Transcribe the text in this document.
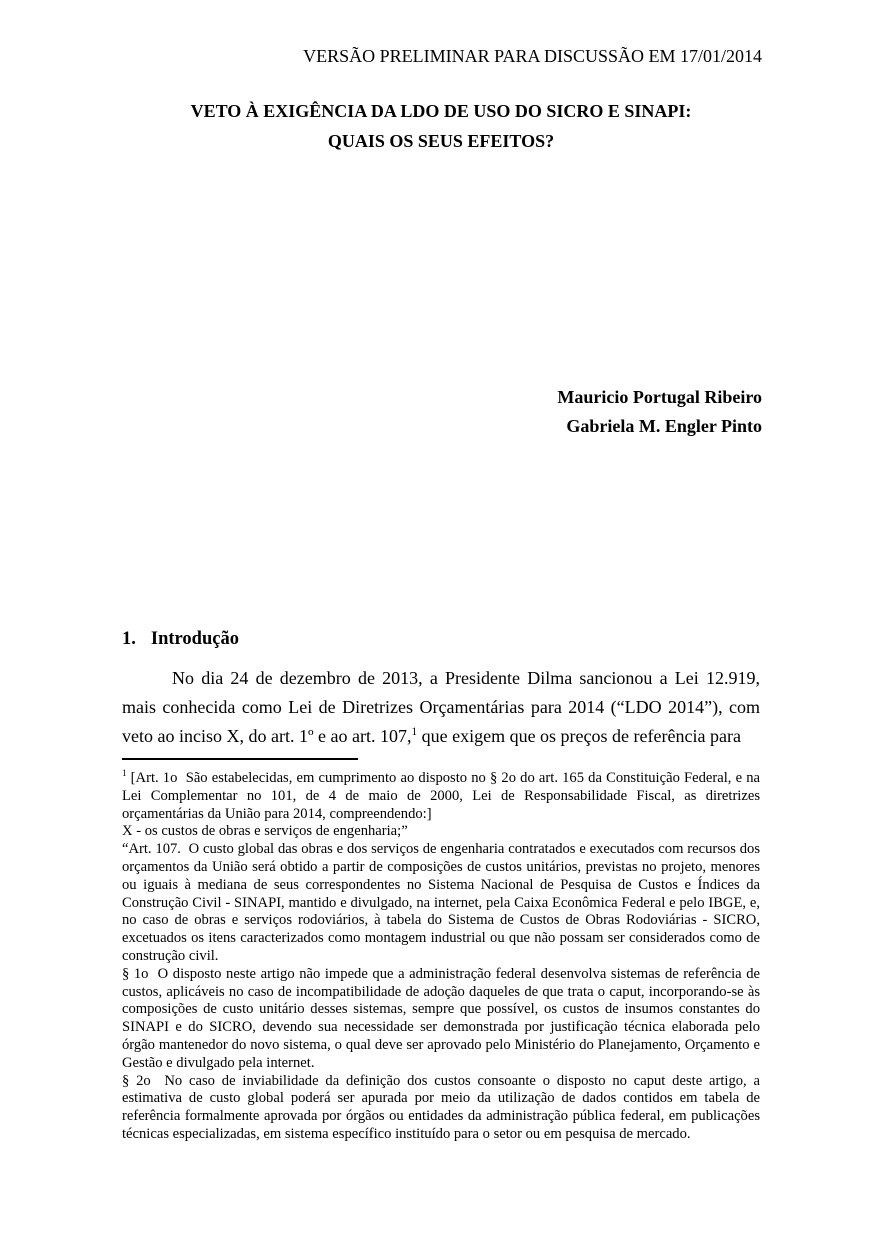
VERSÃO PRELIMINAR PARA DISCUSSÃO EM 17/01/2014
VETO À EXIGÊNCIA DA LDO DE USO DO SICRO E SINAPI:
QUAIS OS SEUS EFEITOS?
Mauricio Portugal Ribeiro
Gabriela M. Engler Pinto
1. Introdução

No dia 24 de dezembro de 2013, a Presidente Dilma sancionou a Lei 12.919, mais conhecida como Lei de Diretrizes Orçamentárias para 2014 (“LDO 2014”), com veto ao inciso X, do art. 1º e ao art. 107,$^1$ que exigem que os preços de referência para

$^1$ [Art. 1o  São estabelecidas, em cumprimento ao disposto no § 2o do art. 165 da Constituição Federal, e na Lei Complementar no 101, de 4 de maio de 2000, Lei de Responsabilidade Fiscal, as diretrizes orçamentárias da União para 2014, compreendendo:]

X - os custos de obras e serviços de engenharia;”

“Art. 107.  O custo global das obras e dos serviços de engenharia contratados e executados com recursos dos orçamentos da União será obtido a partir de composições de custos unitários, previstas no projeto, menores ou iguais à mediana de seus correspondentes no Sistema Nacional de Pesquisa de Custos e Índices da Construção Civil - SINAPI, mantido e divulgado, na internet, pela Caixa Econômica Federal e pelo IBGE, e, no caso de obras e serviços rodoviários, à tabela do Sistema de Custos de Obras Rodoviárias - SICRO, excetuados os itens caracterizados como montagem industrial ou que não possam ser considerados como de construção civil.

§ 1o  O disposto neste artigo não impede que a administração federal desenvolva sistemas de referência de custos, aplicáveis no caso de incompatibilidade de adoção daqueles de que trata o caput, incorporando-se às composições de custo unitário desses sistemas, sempre que possível, os custos de insumos constantes do SINAPI e do SICRO, devendo sua necessidade ser demonstrada por justificação técnica elaborada pelo órgão mantenedor do novo sistema, o qual deve ser aprovado pelo Ministério do Planejamento, Orçamento e Gestão e divulgado pela internet.

§ 2o  No caso de inviabilidade da definição dos custos consoante o disposto no caput deste artigo, a estimativa de custo global poderá ser apurada por meio da utilização de dados contidos em tabela de referência formalmente aprovada por órgãos ou entidades da administração pública federal, em publicações técnicas especializadas, em sistema específico instituído para o setor ou em pesquisa de mercado.
